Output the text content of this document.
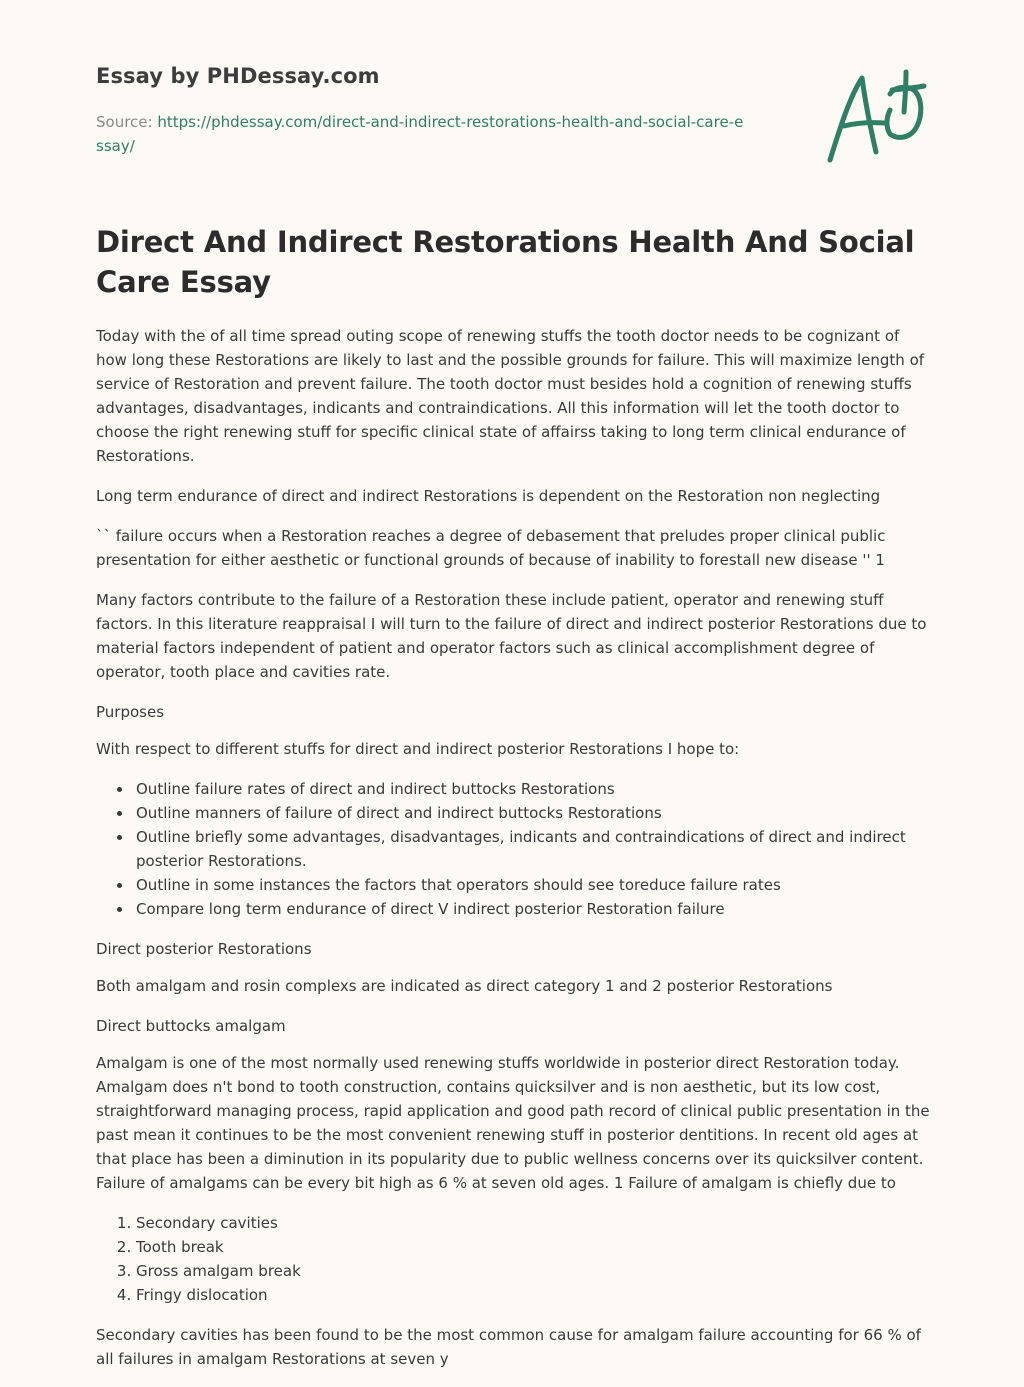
Essay by PHDessay.com
Source: https://phdessay.com/direct-and-indirect-restorations-health-and-social-care-essay/
Direct And Indirect Restorations Health And Social Care Essay

Today with the of all time spread outing scope of renewing stuffs the tooth doctor needs to be cognizant of how long these Restorations are likely to last and the possible grounds for failure. This will maximize length of service of Restoration and prevent failure. The tooth doctor must besides hold a cognition of renewing stuffs advantages, disadvantages, indicants and contraindications. All this information will let the tooth doctor to choose the right renewing stuff for specific clinical state of affairss taking to long term clinical endurance of Restorations.

Long term endurance of direct and indirect Restorations is dependent on the Restoration non neglecting

`` failure occurs when a Restoration reaches a degree of debasement that preludes proper clinical public presentation for either aesthetic or functional grounds of because of inability to forestall new disease '' 1

Many factors contribute to the failure of a Restoration these include patient, operator and renewing stuff factors. In this literature reappraisal I will turn to the failure of direct and indirect posterior Restorations due to material factors independent of patient and operator factors such as clinical accomplishment degree of operator, tooth place and cavities rate.

Purposes

With respect to different stuffs for direct and indirect posterior Restorations I hope to:

Outline failure rates of direct and indirect buttocks Restorations
Outline manners of failure of direct and indirect buttocks Restorations
Outline briefly some advantages, disadvantages, indicants and contraindications of direct and indirect posterior Restorations.
Outline in some instances the factors that operators should see toreduce failure rates
Compare long term endurance of direct V indirect posterior Restoration failure

Direct posterior Restorations

Both amalgam and rosin complexs are indicated as direct category 1 and 2 posterior Restorations

Direct buttocks amalgam

Amalgam is one of the most normally used renewing stuffs worldwide in posterior direct Restoration today. Amalgam does n't bond to tooth construction, contains quicksilver and is non aesthetic, but its low cost, straightforward managing process, rapid application and good path record of clinical public presentation in the past mean it continues to be the most convenient renewing stuff in posterior dentitions. In recent old ages at that place has been a diminution in its popularity due to public wellness concerns over its quicksilver content. Failure of amalgams can be every bit high as 6 % at seven old ages. 1 Failure of amalgam is chiefly due to

1. Secondary cavities
2. Tooth break
3. Gross amalgam break
4. Fringy dislocation

Secondary cavities has been found to be the most common cause for amalgam failure accounting for 66 % of all failures in amalgam Restorations at seven y
